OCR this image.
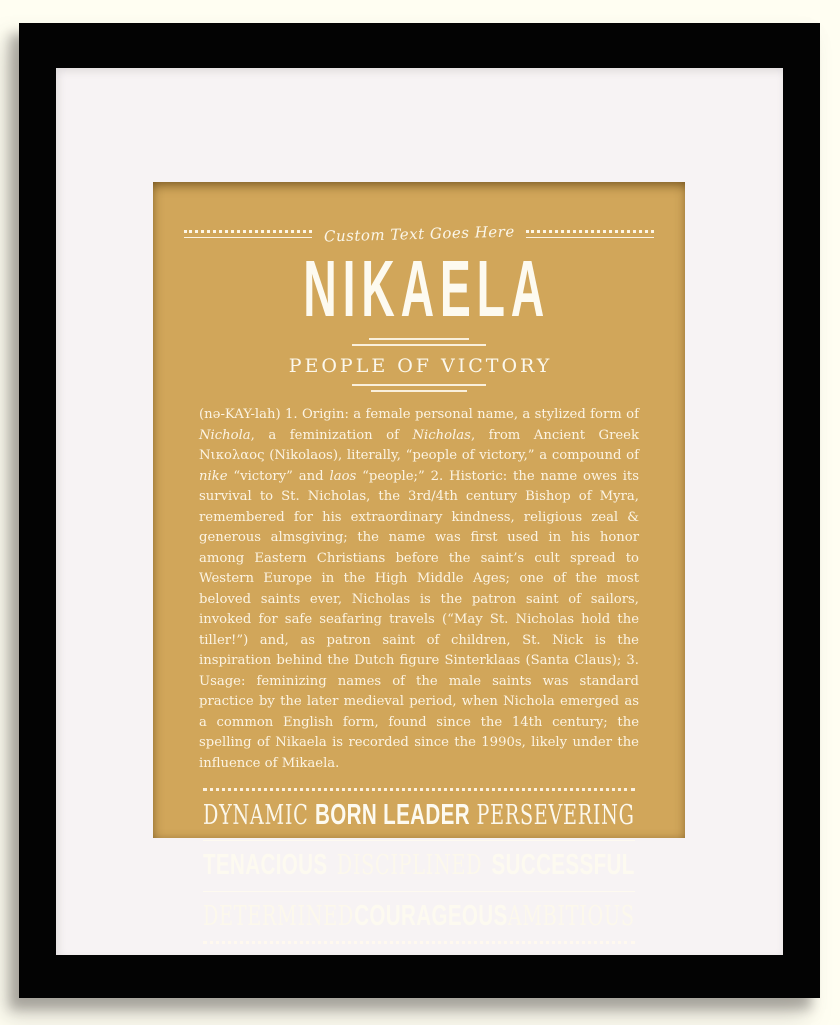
Custom Text Goes Here
NIKAELA
PEOPLE OF VICTORY

(nə-KAY-lah) 1. Origin: a female personal name, a stylized form of Nichola, a feminization of Nicholas, from Ancient Greek Νικολαος (Nikolaos), literally, “people of victory,” a compound of nike “victory” and laos “people;” 2. Historic: the name owes its survival to St. Nicholas, the 3rd/4th century Bishop of Myra, remembered for his extraordinary kindness, religious zeal & generous almsgiving; the name was first used in his honor among Eastern Christians before the saint’s cult spread to Western Europe in the High Middle Ages; one of the most beloved saints ever, Nicholas is the patron saint of sailors, invoked for safe seafaring travels (“May St. Nicholas hold the tiller!”) and, as patron saint of children, St. Nick is the inspiration behind the Dutch figure Sinterklaas (Santa Claus); 3. Usage: feminizing names of the male saints was standard practice by the later medieval period, when Nichola emerged as a common English form, found since the 14th century; the spelling of Nikaela is recorded since the 1990s, likely under the influence of Mikaela.

DYNAMIC BORN LEADER PERSEVERING
TENACIOUS DISCIPLINED SUCCESSFUL
DETERMINED COURAGEOUS AMBITIOUS
